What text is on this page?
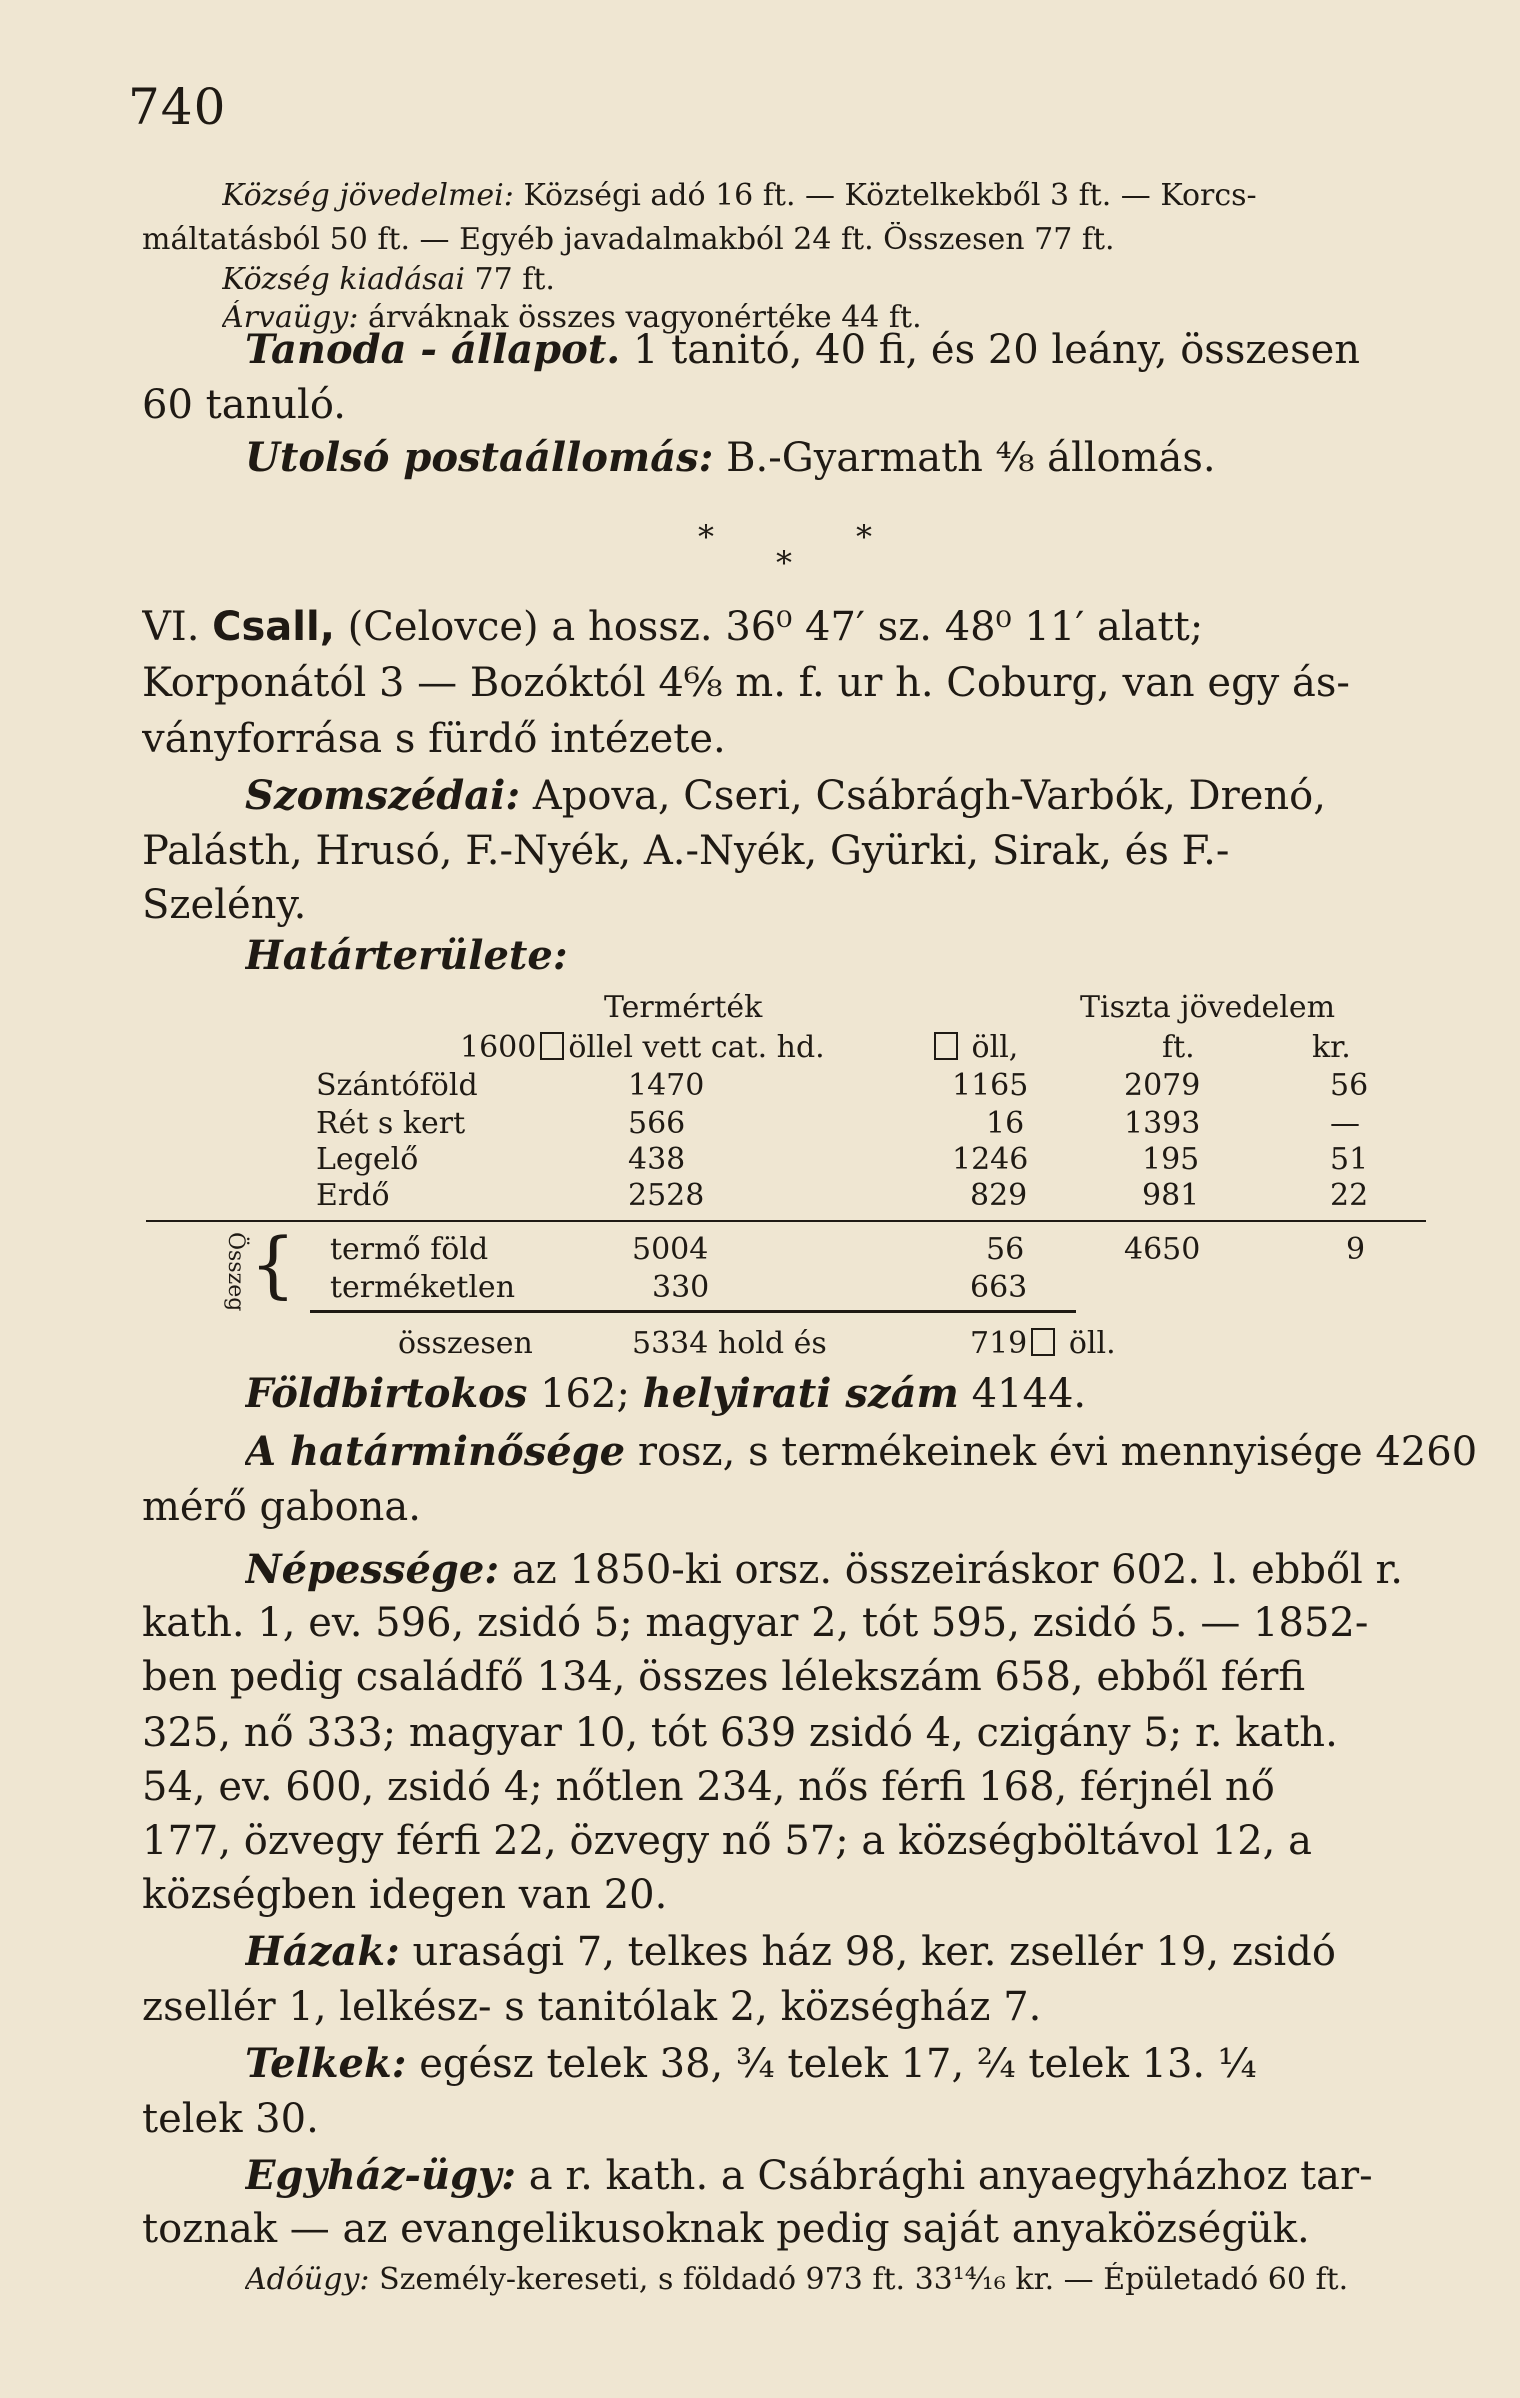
740
Község jövedelmei: Községi adó 16 ft. — Köztelkekből 3 ft. — Korcs-
máltatásból 50 ft. — Egyéb javadalmakból 24 ft. Összesen 77 ft.
Község kiadásai 77 ft.
Árvaügy: árváknak összes vagyonértéke 44 ft.
Tanoda - állapot. 1 tanitó, 40 fi, és 20 leány, összesen
60 tanuló.
Utolsó postaállomás: B.-Gyarmath ⁴⁄₈ állomás.
*	*
*
VI. Csall, (Celovce) a hossz. 36⁰ 47′ sz. 48⁰ 11′ alatt;
Korponától 3 — Bozóktól 4⁶⁄₈ m. f. ur h. Coburg, van egy ás-
ványforrása s fürdő intézete.
Szomszédai: Apova, Cseri, Csábrágh-Varbók, Drenó,
Palásth, Hrusó, F.-Nyék, A.-Nyék, Gyürki, Sirak, és F.-
Szelény.
Határterülete:
Termérték	Tiszta jövedelem
1600 öllel vett cat. hd.	öll,	ft.	kr.
Szántóföld	1470	1165	2079	56
Rét s kert	566	16	1393	—
Legelő	438	1246	195	51
Erdő	2528	829	981	22
Összeg { termő föld	5004	56	4650	9
terméketlen	330	663
összesen	5334 hold és	719 öll.
Földbirtokos 162; helyirati szám 4144.
A határminősége rosz, s termékeinek évi mennyisége 4260
mérő gabona.
Népessége: az 1850-ki orsz. összeiráskor 602. l. ebből r.
kath. 1, ev. 596, zsidó 5; magyar 2, tót 595, zsidó 5. — 1852-
ben pedig családfő 134, összes lélekszám 658, ebből férfi
325, nő 333; magyar 10, tót 639 zsidó 4, czigány 5; r. kath.
54, ev. 600, zsidó 4; nőtlen 234, nős férfi 168, férjnél nő
177, özvegy férfi 22, özvegy nő 57; a községböltávol 12, a
községben idegen van 20.
Házak: urasági 7, telkes ház 98, ker. zsellér 19, zsidó
zsellér 1, lelkész- s tanitólak 2, községház 7.
Telkek: egész telek 38, ³⁄₄ telek 17, ²⁄₄ telek 13. ¹⁄₄
telek 30.
Egyház-ügy: a r. kath. a Csábrághi anyaegyházhoz tar-
toznak — az evangelikusoknak pedig saját anyaközségük.
Adóügy: Személy-kereseti, s földadó 973 ft. 33¹⁴⁄₁₆ kr. — Épületadó 60 ft.
